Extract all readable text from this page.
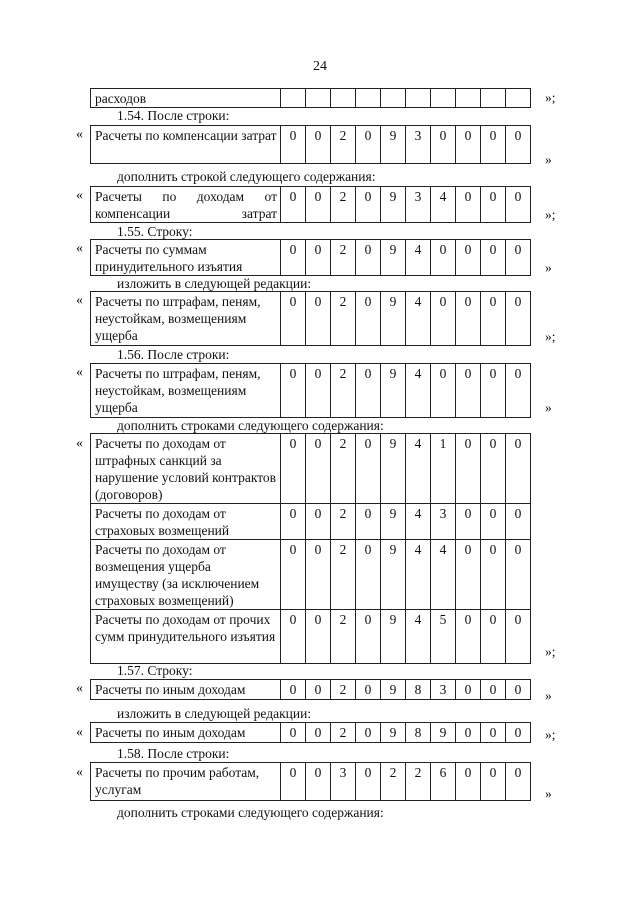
24
расходов											»;
1.54. После строки:
« Расчеты по компенсации затрат	0	0	2	0	9	3	0	0	0	0
»
дополнить строкой следующего содержания:
« Расчеты по доходам от компенсации затрат	0	0	2	0	9	3	4	0	0	0
»;
1.55. Строку:
« Расчеты по суммам принудительного изъятия	0	0	2	0	9	4	0	0	0	0
»
изложить в следующей редакции:
« Расчеты по штрафам, пеням, неустойкам, возмещениям ущерба	0	0	2	0	9	4	0	0	0	0
»;
1.56. После строки:
« Расчеты по штрафам, пеням, неустойкам, возмещениям ущерба	0	0	2	0	9	4	0	0	0	0
»
дополнить строками следующего содержания:
« Расчеты по доходам от штрафных санкций за нарушение условий контрактов (договоров)	0	0	2	0	9	4	1	0	0	0
Расчеты по доходам от страховых возмещений	0	0	2	0	9	4	3	0	0	0
Расчеты по доходам от возмещения ущерба имуществу (за исключением страховых возмещений)	0	0	2	0	9	4	4	0	0	0
Расчеты по доходам от прочих сумм принудительного изъятия	0	0	2	0	9	4	5	0	0	0
»;
1.57. Строку:
« Расчеты по иным доходам	0	0	2	0	9	8	3	0	0	0 »
изложить в следующей редакции:
« Расчеты по иным доходам	0	0	2	0	9	8	9	0	0	0 »;
1.58. После строки:
« Расчеты по прочим работам, услугам	0	0	3	0	2	2	6	0	0	0
»
дополнить строками следующего содержания:
